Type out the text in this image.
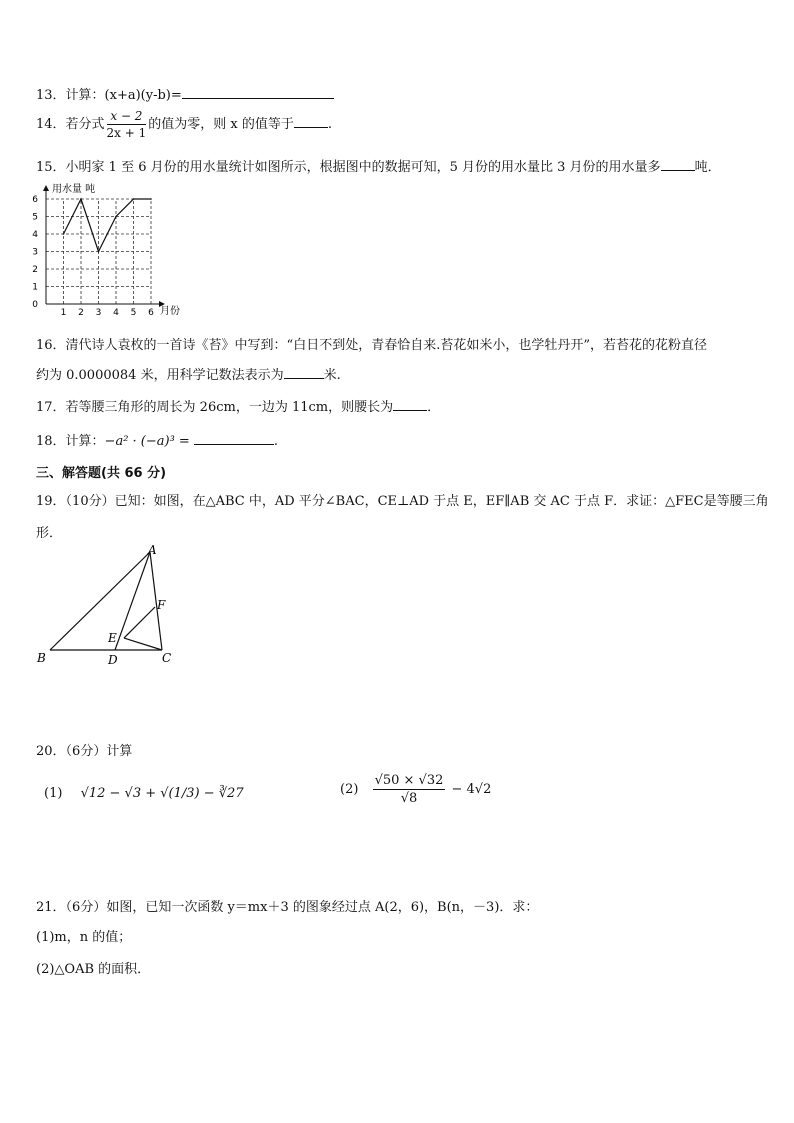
13．计算：(x+a)(y-b)=
14．若分式 $\frac{x - 2}{2x + 1}$ 的值为零，则 x 的值等于	.
15．小明家 1 至 6 月份的用水量统计如图所示，根据图中的数据可知，5 月份的用水量比 3 月份的用水量多	吨．
0
1
2
3
4
5
6
1 2 3 4 5 6
用水量 吨
月份
16．清代诗人袁枚的一首诗《苔》中写到：“白日不到处，青春恰自来.苔花如米小，也学牡丹开”，若苔花的花粉直径
约为 0.0000084 米，用科学记数法表示为	米.
17．若等腰三角形的周长为 26cm，一边为 11cm，则腰长为	．
18．计算：−a² · (−a)³ =	.
三、解答题(共 66 分)
19．（10分）已知：如图，在△ABC 中，AD 平分∠BAC，CE⊥AD 于点 E，EF∥AB 交 AC 于点 F．求证：△FEC是等腰三角
形．
A
B	C
D
E
F
20．（6分）计算
(1) √12 − √3 + √(1/3) − ∛27	$(2) \frac{√50 \times √32}{√8} - 4√2$
21．（6分）如图，已知一次函数 y＝mx＋3 的图象经过点 A(2，6)，B(n，－3)．求：
(1)m，n 的值；
(2)△OAB 的面积．
